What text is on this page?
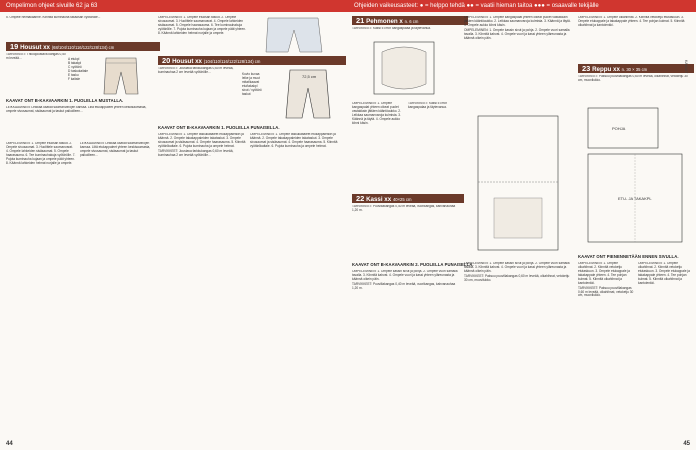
Ompelimon ohjeet sivuille 62 ja 63

5. Ompele helmakäänne. Kiinnitä kuminauha takaosan vyötärölle...

19 Housut xx (68/104/110/116/122/128/134) cm

TARVIKKEET: Trikoojoustava kangas 0,50 m leveää...	A etukpl
B takakpl
C vyötärö
D taskukaitale
E tasku
F kaitale
KAAVAT ONT B-KAAVAARKIN 1. PUOLELLA MUSTALLA.

LEIKKAAMINEN: Leikkaa kaavat saumanvarojen kanssa. Liitä etukappaleet yhteen keskisaumasta, ompele sivusaumat, sisäsaumat ja taskut paikoilleen...

OMPELEMINEN: 1. Ompele etuosan taskut. 2. Ompele sivusaumat. 3. Huolittele saumanvarat. 4. Ompele lahkeiden sisäsaumat. 5. Ompele haarasauma. 6. Tee kuminauhakuja vyötärölle. 7. Pujota kuminauha kujaan ja ompele päät yhteen. 8. Käännä lahkeiden helmat nurjalle ja ompele.

LEIKKAAMINEN: Leikkaa kaavat saumanvarojen kanssa. Liitä etukappaleet yhteen keskisaumasta, ompele sivusaumat, sisäsaumat ja taskut paikoilleen...

OMPELEMINEN: 1. Ompele etuosan taskut. 2. Ompele sivusaumat. 3. Huolittele saumanvarat. 4. Ompele lahkeiden sisäsaumat. 5. Ompele haarasauma. 6. Tee kuminauhakuja vyötärölle. 7. Pujota kuminauha kujaan ja ompele päät yhteen. 8. Käännä lahkeiden helmat nurjalle ja ompele.

20 Housut xx (104/110/116/122/128/134) cm

TARVIKKEET: Joustava farkkukangas 0,60 m leveää, kuminauhaa 2 cm leveää vyötärölle...

72,5 cm
Kuvio kuvaa
leike ja muut
mitat/kaavat
etu/takakpl
sivut / vyötärö
taskut
KAAVAT ONT B-KAAVAARKIN 1. PUOLELLA PUNAISELLA.

OMPELEMINEN: 1. Ompele taskukaitaleet etukappaleisiin ja käännä. 2. Ompele takakappaleiden takataskut. 3. Ompele sivusaumat ja sisäsaumat. 4. Ompele haarasauma. 5. Kiinnitä vyötärökaitale. 6. Pujota kuminauha ja ompele helmat.

TARVIKKEET: Joustava farkkukangas 0,60 m leveää, kuminauhaa 2 cm leveää vyötärölle...

OMPELEMINEN: 1. Ompele taskukaitaleet etukappaleisiin ja käännä. 2. Ompele takakappaleiden takataskut. 3. Ompele sivusaumat ja sisäsaumat. 4. Ompele haarasauma. 5. Kiinnitä vyötärökaitale. 6. Pujota kuminauha ja ompele helmat.

44
Ohjeiden vaikeusasteet: ● = helppo tehdä ●● = vaatii hieman taitoa ●●● = osaavalle tekijälle
21 Pehmonen x n. 6 cm

TARVIKKEET: Kaksi 5 cm:n kangaspalaa ja täytevanua.

OMPELEMINEN: 1. Ompele kangaspalat yhteen oikeat puolet vastakkain jättäen kääntöaukko. 2. Leikkaa saumanvaroja kulmista. 3. Käännä ja täytä. 4. Ompele aukko kiinni käsin.

TARVIKKEET: Kaksi 5 cm:n kangaspalaa ja täytevanua.

OMPELEMINEN: 1. Ompele kangaspalat yhteen oikeat puolet vastakkain jättäen kääntöaukko. 2. Leikkaa saumanvaroja kulmista. 3. Käännä ja täytä. 4. Ompele aukko kiinni käsin.

OMPELEMINEN: 1. Ompele kassin sivut ja pohja. 2. Ompele vuori samalla tavalla. 3. Kiinnitä kahvat. 4. Ompele vuori ja kassi yhteen yläreunasta ja käännä oikein päin.

22 Kassi xx 40×25 cm

TARVIKKEET: Puuvillakangas 0,40 m leveää, vuorikangas, kahvanauhaa 1,20 m.

KAAVAT ONT B-KAAVAARKIN 2. PUOLELLA PUNAISELLA.

OMPELEMINEN: 1. Ompele kassin sivut ja pohja. 2. Ompele vuori samalla tavalla. 3. Kiinnitä kahvat. 4. Ompele vuori ja kassi yhteen yläreunasta ja käännä oikein päin.

TARVIKKEET: Puuvillakangas 0,40 m leveää, vuorikangas, kahvanauhaa 1,20 m.

OMPELEMINEN: 1. Ompele kassin sivut ja pohja. 2. Ompele vuori samalla tavalla. 3. Kiinnitä kahvat. 4. Ompele vuori ja kassi yhteen yläreunasta ja käännä oikein päin.

TARVIKKEET: Paksuu puuvillakangas 0,60 m leveää, olkahihnat, vetoketju 30 cm, muovilukko.

OMPELEMINEN: 1. Ompele olkahihnat. 2. Kiinnitä vetoketju etutaskuun. 3. Ompele etukappale ja takakappale yhteen. 4. Tee pohjan kulmat. 5. Kiinnitä olkahihnat ja kantolenkki.

23 Reppu xx n. 30 × 35 cm

TARVIKKEET: Paksuu puuvillakangas 0,60 m leveää, olkahihnat, vetoketju 30 cm, muovilukko.

POHJA
ETU- JA TAKAKPL
KAAVAT ONT PIENENNETÄÄN ENNEN SIVULLA.

OMPELEMINEN: 1. Ompele olkahihnat. 2. Kiinnitä vetoketju etutaskuun. 3. Ompele etukappale ja takakappale yhteen. 4. Tee pohjan kulmat. 5. Kiinnitä olkahihnat ja kantolenkki.

TARVIKKEET: Paksuu puuvillakangas 0,60 m leveää, olkahihnat, vetoketju 30 cm, muovilukko.

OMPELEMINEN: 1. Ompele olkahihnat. 2. Kiinnitä vetoketju etutaskuun. 3. Ompele etukappale ja takakappale yhteen. 4. Tee pohjan kulmat. 5. Kiinnitä olkahihnat ja kantolenkki.

KAAVAT
45
